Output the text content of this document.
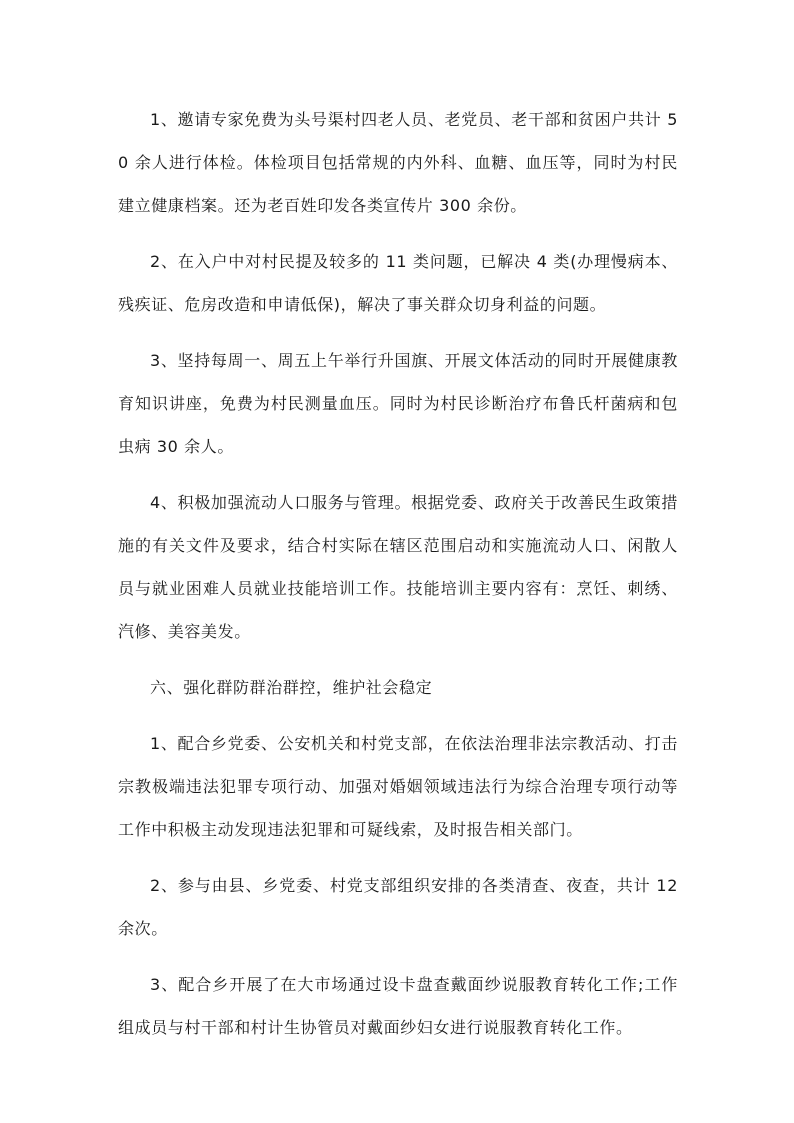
1、邀请专家免费为头号渠村四老人员、老党员、老干部和贫困户共计 50 余人进行体检。体检项目包括常规的内外科、血糖、血压等，同时为村民建立健康档案。还为老百姓印发各类宣传片 300 余份。

2、在入户中对村民提及较多的 11 类问题，已解决 4 类(办理慢病本、残疾证、危房改造和申请低保)，解决了事关群众切身利益的问题。

3、坚持每周一、周五上午举行升国旗、开展文体活动的同时开展健康教育知识讲座，免费为村民测量血压。同时为村民诊断治疗布鲁氏杆菌病和包虫病 30 余人。

4、积极加强流动人口服务与管理。根据党委、政府关于改善民生政策措施的有关文件及要求，结合村实际在辖区范围启动和实施流动人口、闲散人员与就业困难人员就业技能培训工作。技能培训主要内容有：烹饪、刺绣、汽修、美容美发。

六、强化群防群治群控，维护社会稳定

1、配合乡党委、公安机关和村党支部，在依法治理非法宗教活动、打击宗教极端违法犯罪专项行动、加强对婚姻领域违法行为综合治理专项行动等工作中积极主动发现违法犯罪和可疑线索，及时报告相关部门。

2、参与由县、乡党委、村党支部组织安排的各类清查、夜查，共计 12 余次。

3、配合乡开展了在大市场通过设卡盘查戴面纱说服教育转化工作;工作组成员与村干部和村计生协管员对戴面纱妇女进行说服教育转化工作。
